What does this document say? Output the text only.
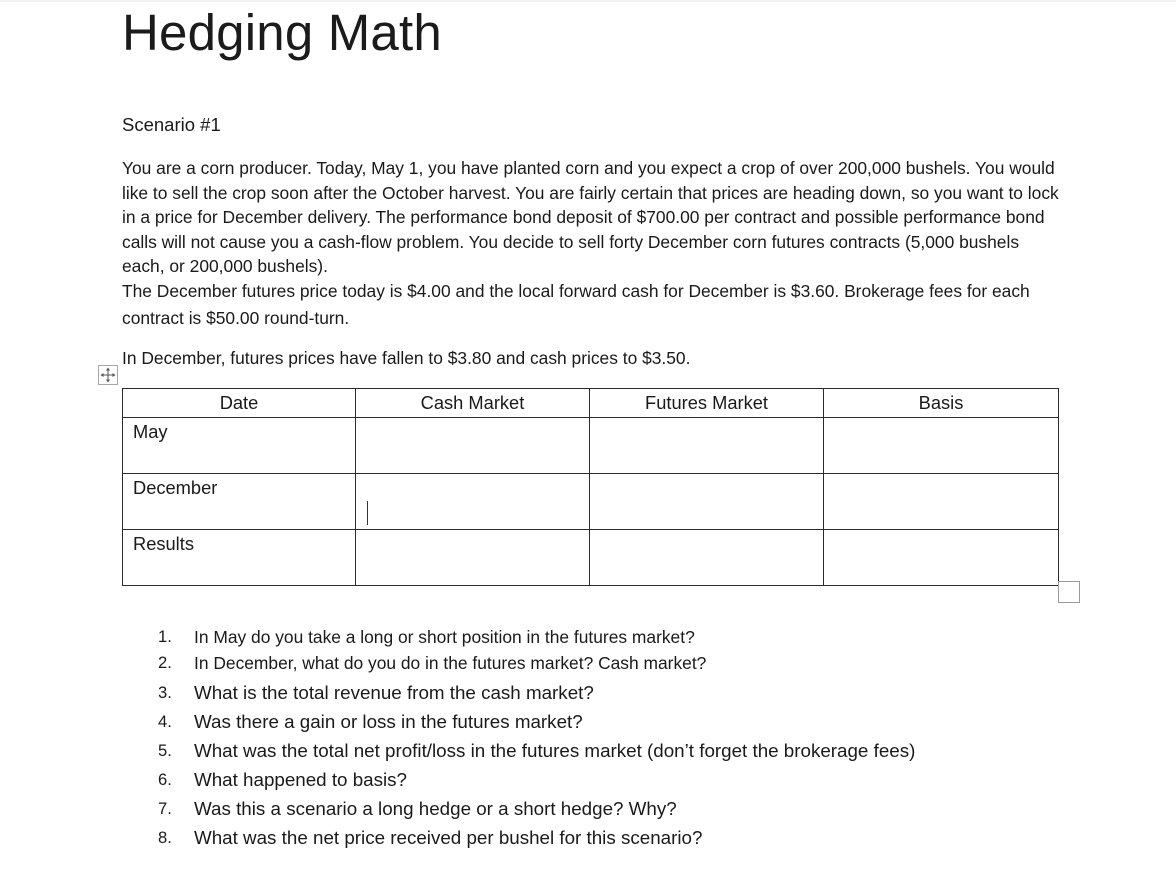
Hedging Math

Scenario #1

You are a corn producer. Today, May 1, you have planted corn and you expect a crop of over 200,000 bushels. You would like to sell the crop soon after the October harvest. You are fairly certain that prices are heading down, so you want to lock in a price for December delivery. The performance bond deposit of $700.00 per contract and possible performance bond calls will not cause you a cash-flow problem. You decide to sell forty December corn futures contracts (5,000 bushels each, or 200,000 bushels).

The December futures price today is $4.00 and the local forward cash for December is $3.60. Brokerage fees for each contract is $50.00 round-turn.

In December, futures prices have fallen to $3.80 and cash prices to $3.50.

Date	Cash Market	Futures Market	Basis
May			
December	

Results			
1.	In May do you take a long or short position in the futures market?
2.	In December, what do you do in the futures market? Cash market?
3.	What is the total revenue from the cash market?
4.	Was there a gain or loss in the futures market?
5.	What was the total net profit/loss in the futures market (don’t forget the brokerage fees)
6.	What happened to basis?
7.	Was this a scenario a long hedge or a short hedge? Why?
8.	What was the net price received per bushel for this scenario?
